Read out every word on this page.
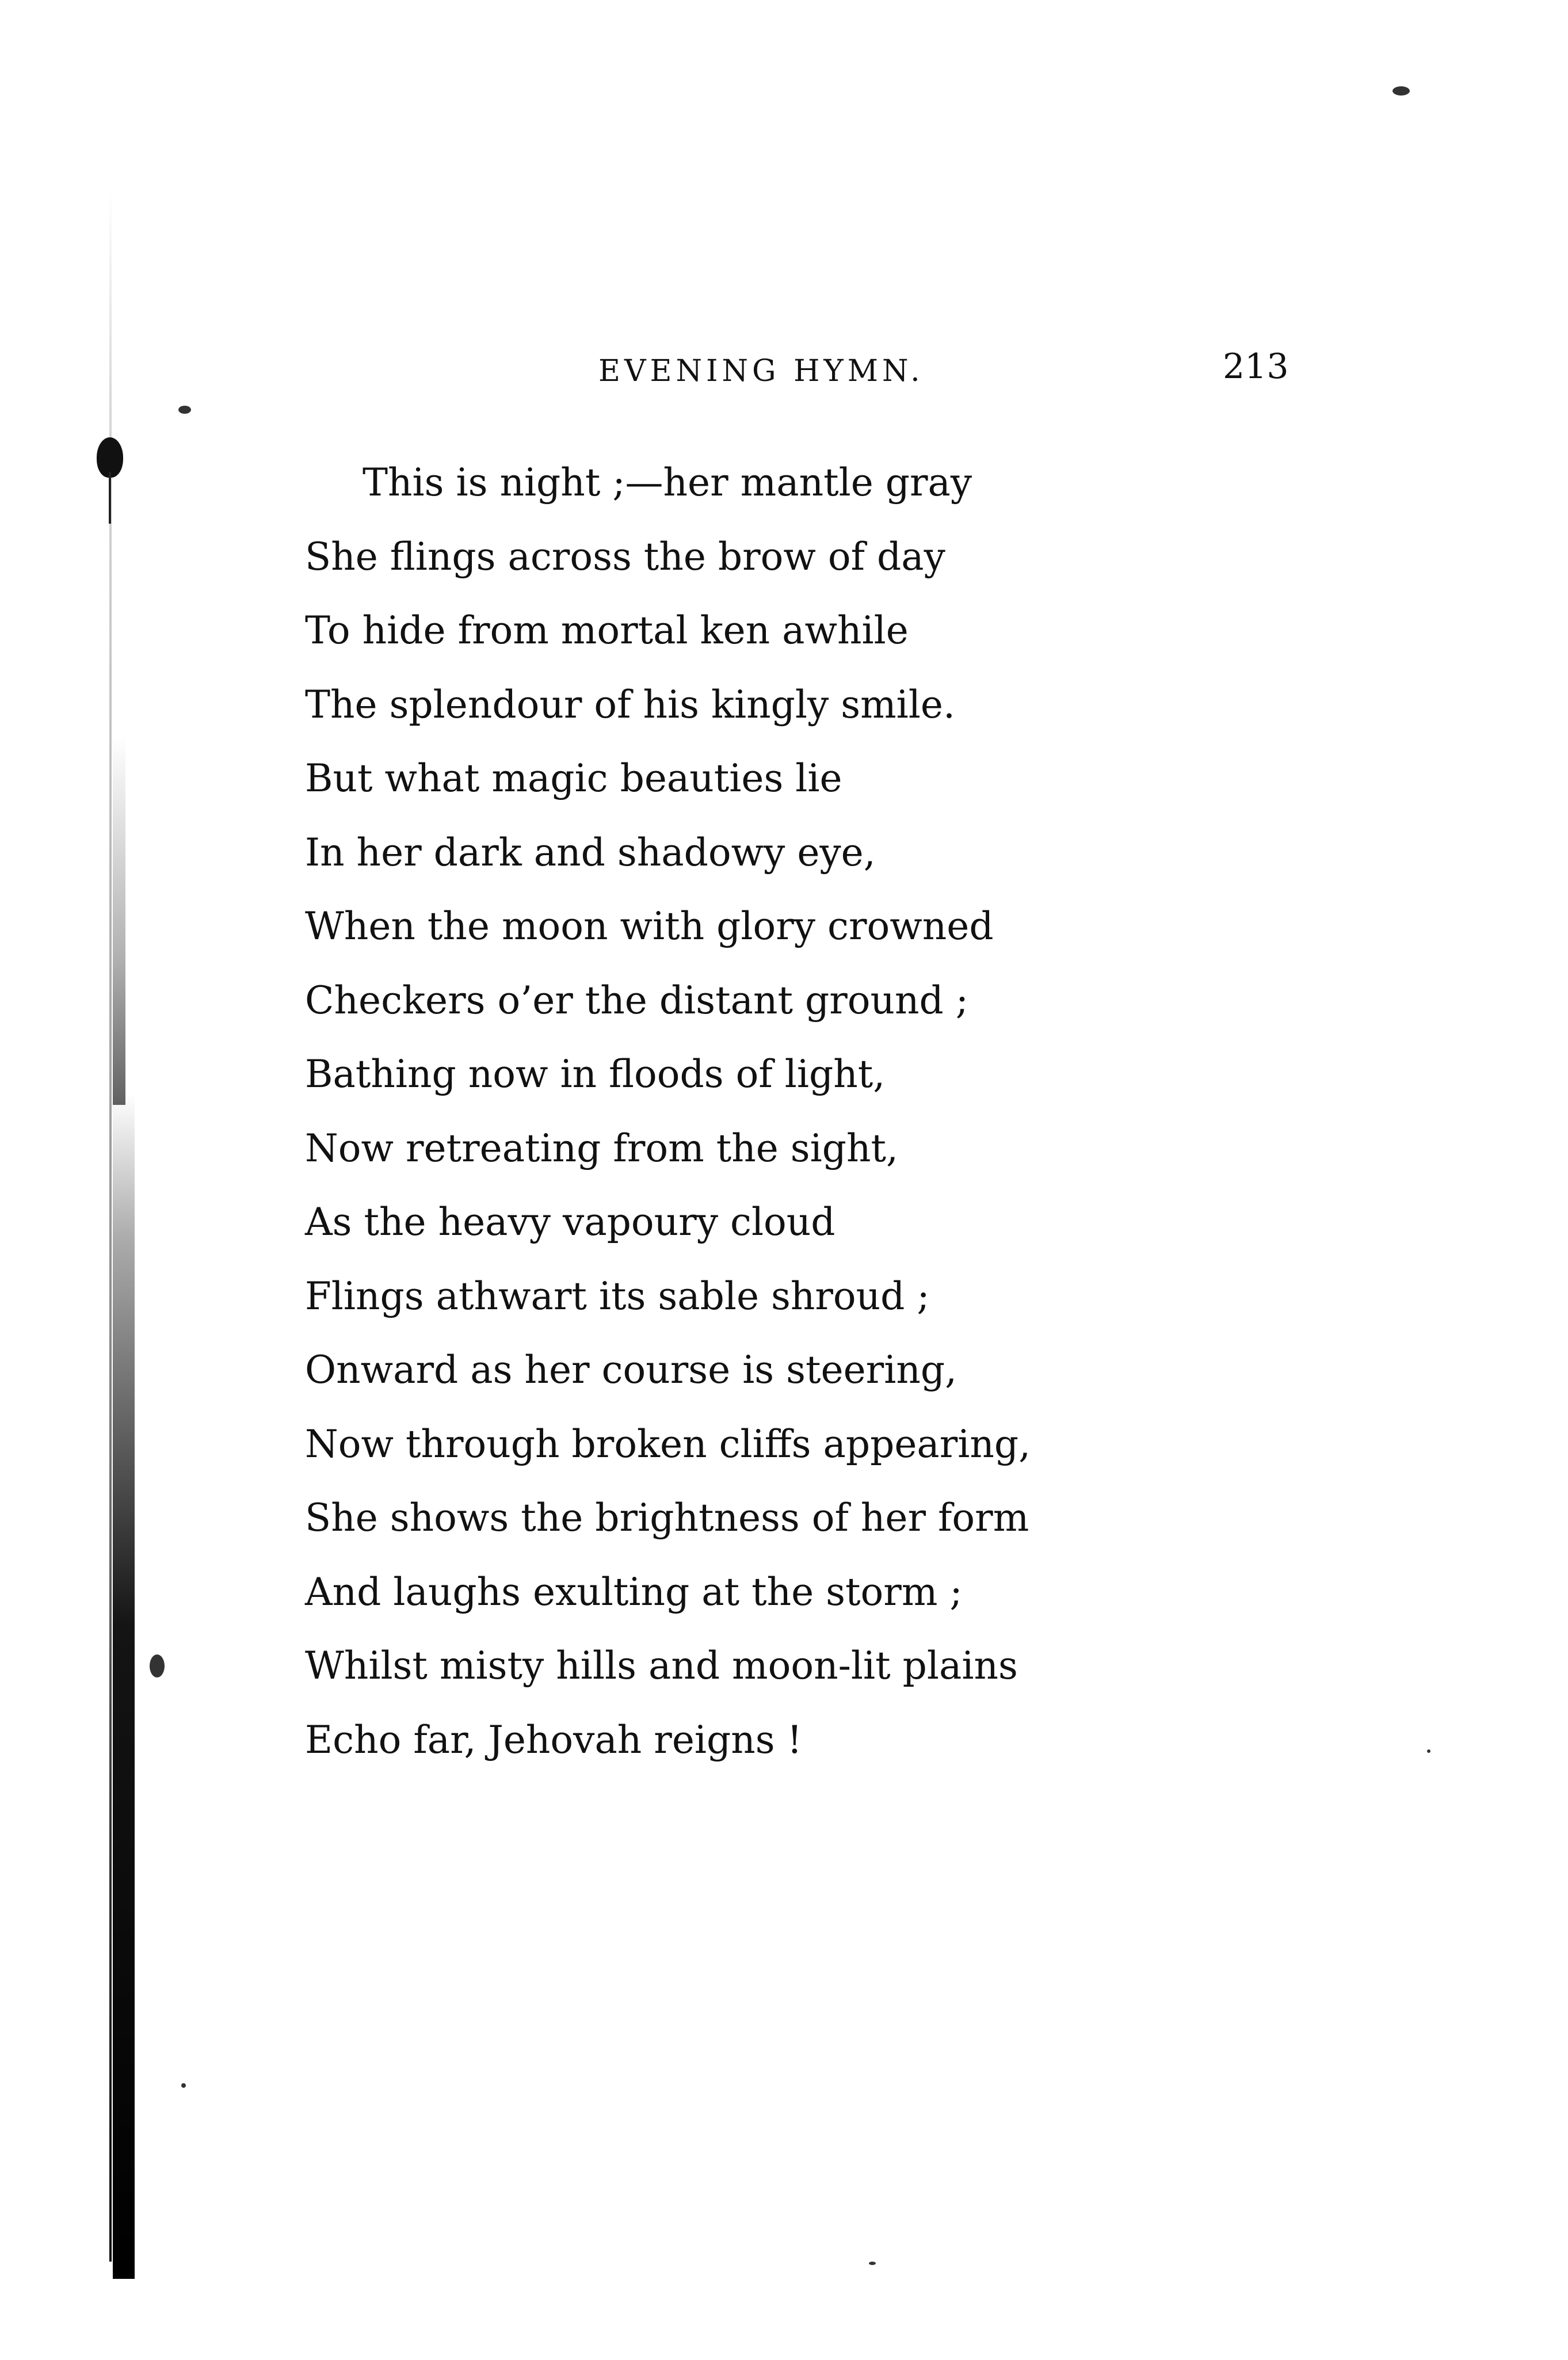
EVENING HYMN.	213
This is night ;—her mantle gray
She flings across the brow of day
To hide from mortal ken awhile
The splendour of his kingly smile.
But what magic beauties lie
In her dark and shadowy eye,
When the moon with glory crowned
Checkers o’er the distant ground ;
Bathing now in floods of light,
Now retreating from the sight,
As the heavy vapoury cloud
Flings athwart its sable shroud ;
Onward as her course is steering,
Now through broken cliffs appearing,
She shows the brightness of her form
And laughs exulting at the storm ;
Whilst misty hills and moon-lit plains
Echo far, Jehovah reigns !
